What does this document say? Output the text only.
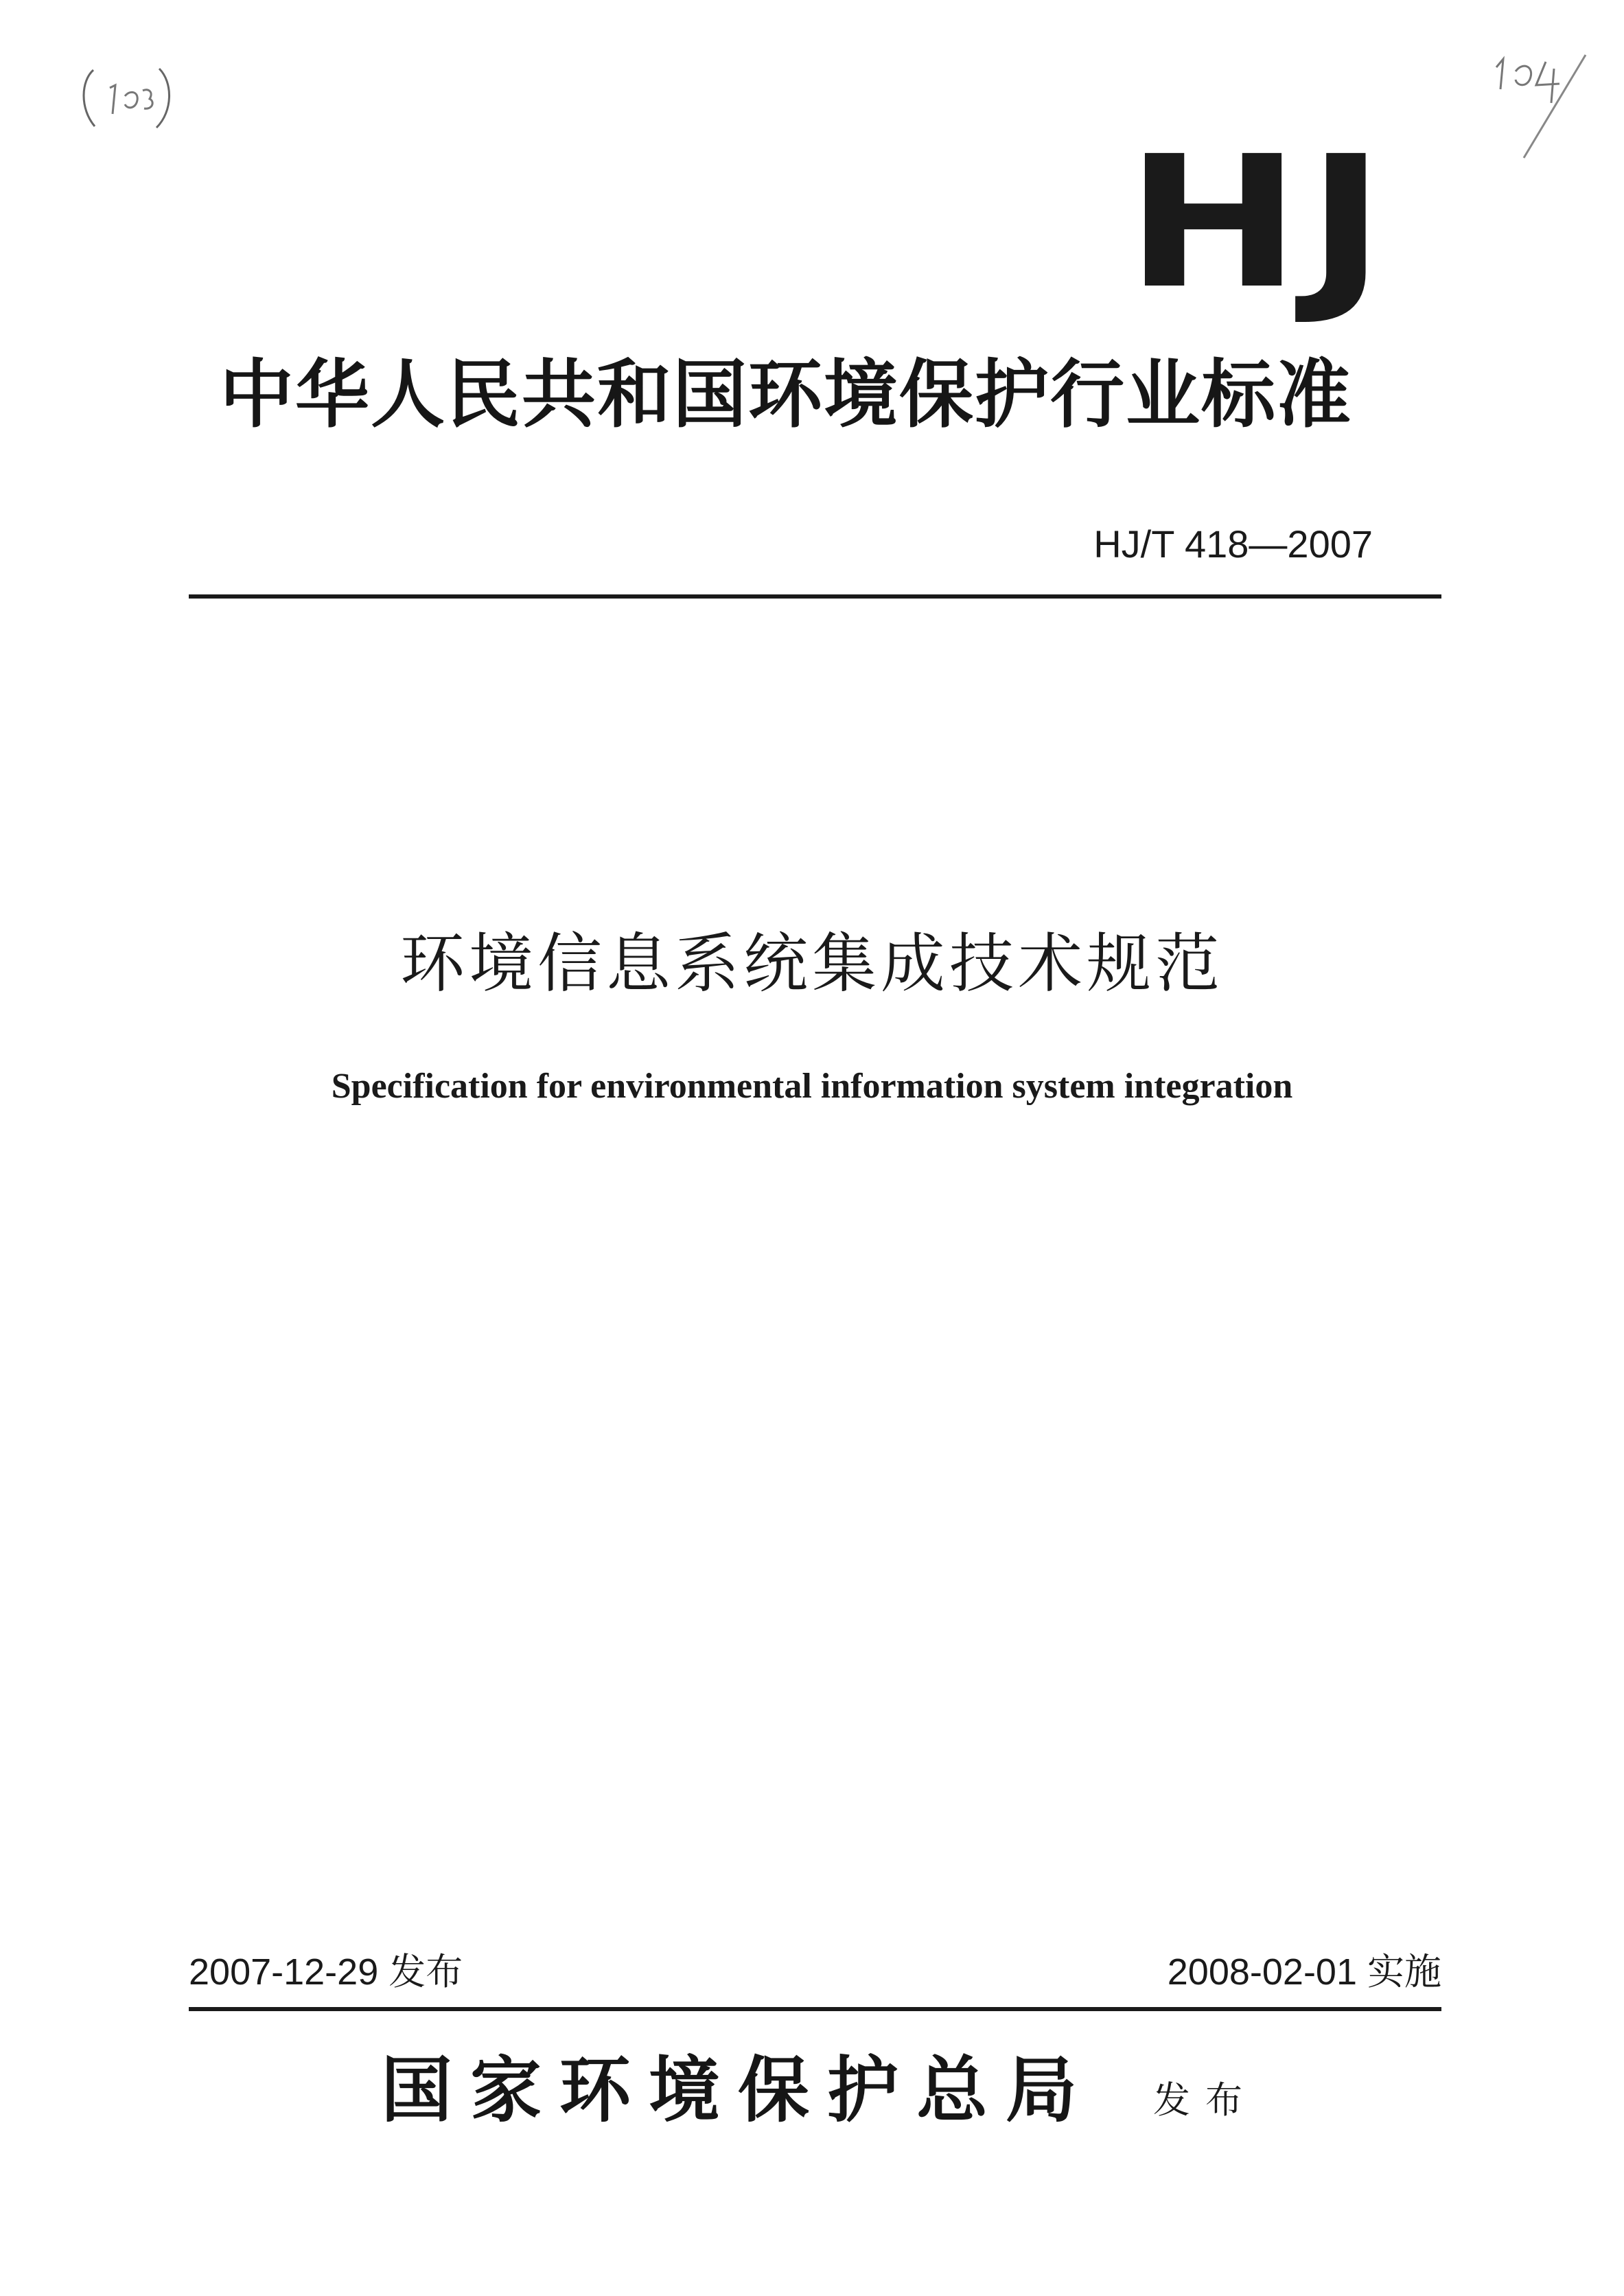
HJ
中华人民共和国环境保护行业标准
HJ/T 418—2007
环境信息系统集成技术规范
Specification for environmental information system integration
2007-12-29 发布	2008-02-01 实施
国家环境保护总局 发布
